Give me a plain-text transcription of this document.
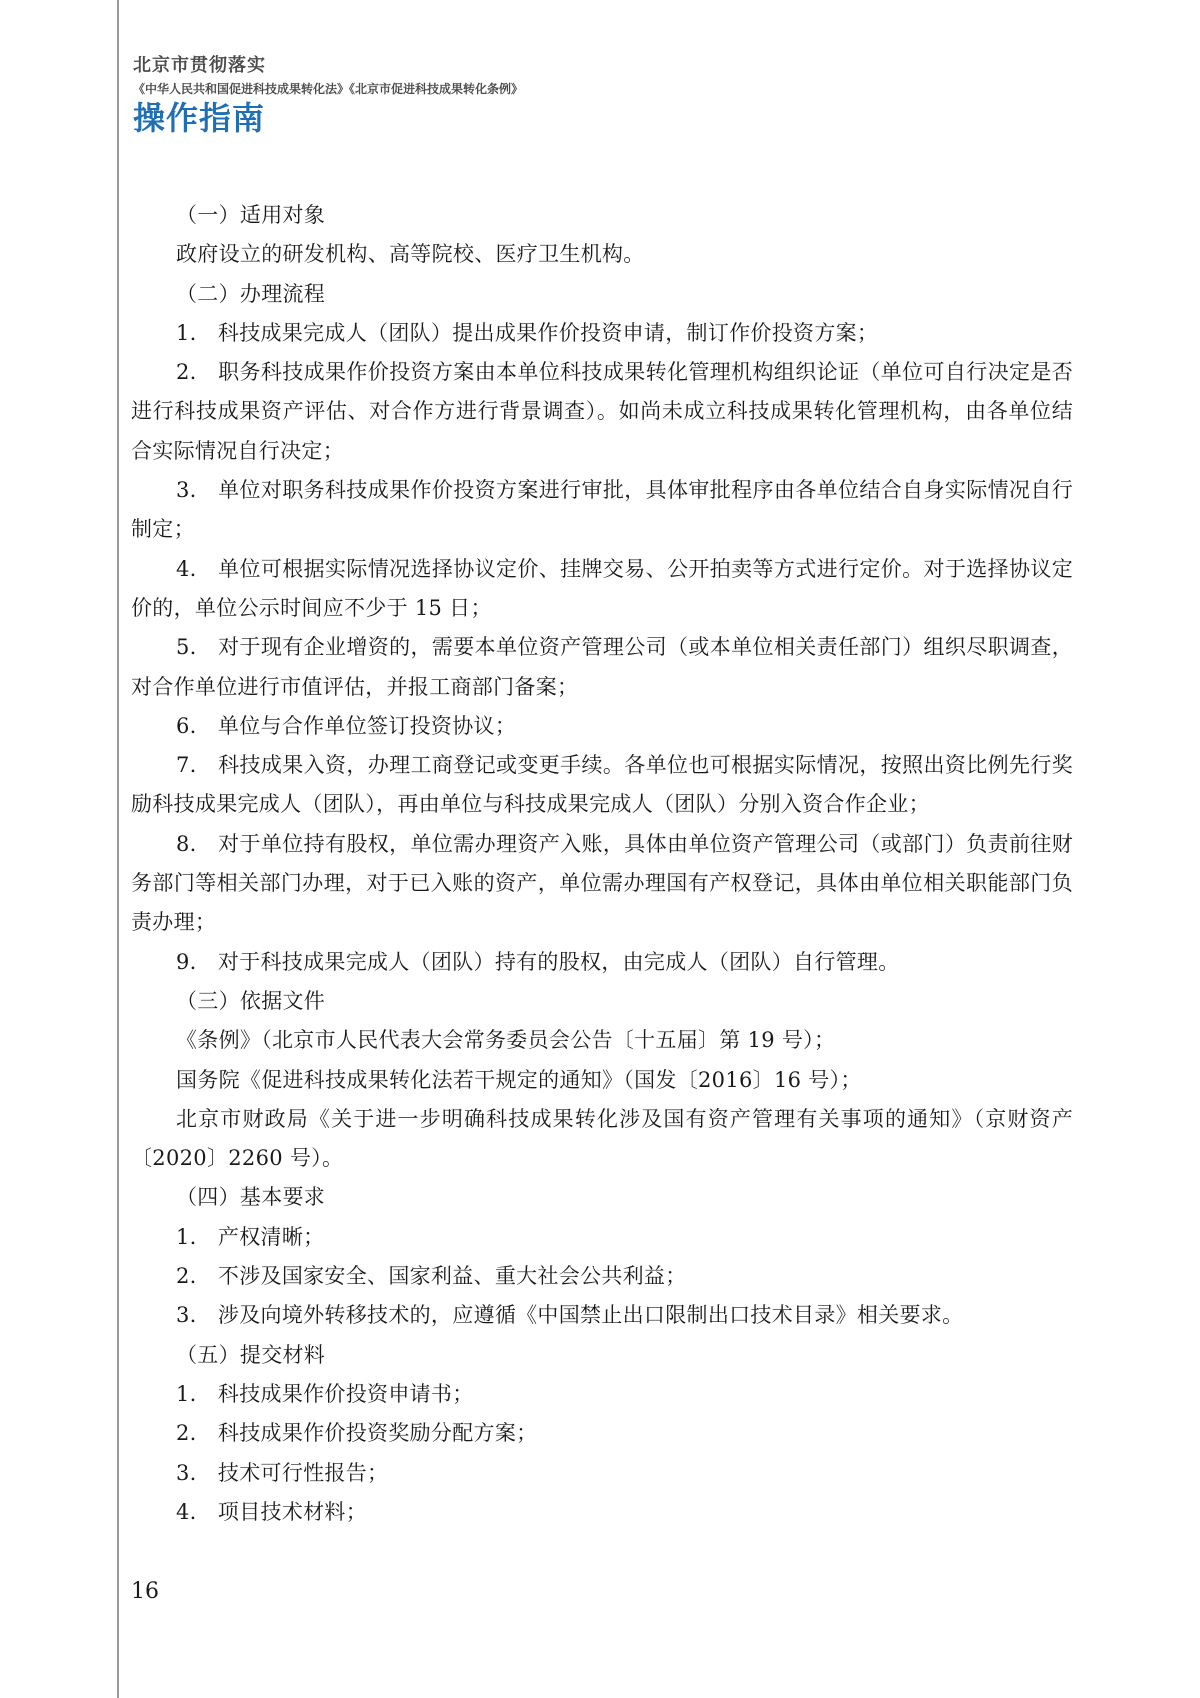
北京市贯彻落实
《中华人民共和国促进科技成果转化法》《北京市促进科技成果转化条例》
操作指南

（一）适用对象

政府设立的研发机构、高等院校、医疗卫生机构。

（二）办理流程

1.　科技成果完成人（团队）提出成果作价投资申请，制订作价投资方案；

2.　职务科技成果作价投资方案由本单位科技成果转化管理机构组织论证（单位可自行决定是否进行科技成果资产评估、对合作方进行背景调查）。如尚未成立科技成果转化管理机构，由各单位结合实际情况自行决定；

3.　单位对职务科技成果作价投资方案进行审批，具体审批程序由各单位结合自身实际情况自行制定；

4.　单位可根据实际情况选择协议定价、挂牌交易、公开拍卖等方式进行定价。对于选择协议定价的，单位公示时间应不少于 15 日；

5.　对于现有企业增资的，需要本单位资产管理公司（或本单位相关责任部门）组织尽职调查，对合作单位进行市值评估，并报工商部门备案；

6.　单位与合作单位签订投资协议；

7.　科技成果入资，办理工商登记或变更手续。各单位也可根据实际情况，按照出资比例先行奖励科技成果完成人（团队），再由单位与科技成果完成人（团队）分别入资合作企业；

8.　对于单位持有股权，单位需办理资产入账，具体由单位资产管理公司（或部门）负责前往财务部门等相关部门办理，对于已入账的资产，单位需办理国有产权登记，具体由单位相关职能部门负责办理；

9.　对于科技成果完成人（团队）持有的股权，由完成人（团队）自行管理。

（三）依据文件

《条例》（北京市人民代表大会常务委员会公告〔十五届〕第 19 号）；

国务院《促进科技成果转化法若干规定的通知》（国发〔2016〕16 号）；

北京市财政局《关于进一步明确科技成果转化涉及国有资产管理有关事项的通知》（京财资产〔2020〕2260 号）。

（四）基本要求

1.　产权清晰；

2.　不涉及国家安全、国家利益、重大社会公共利益；

3.　涉及向境外转移技术的，应遵循《中国禁止出口限制出口技术目录》相关要求。

（五）提交材料

1.　科技成果作价投资申请书；

2.　科技成果作价投资奖励分配方案；

3.　技术可行性报告；

4.　项目技术材料；

16
